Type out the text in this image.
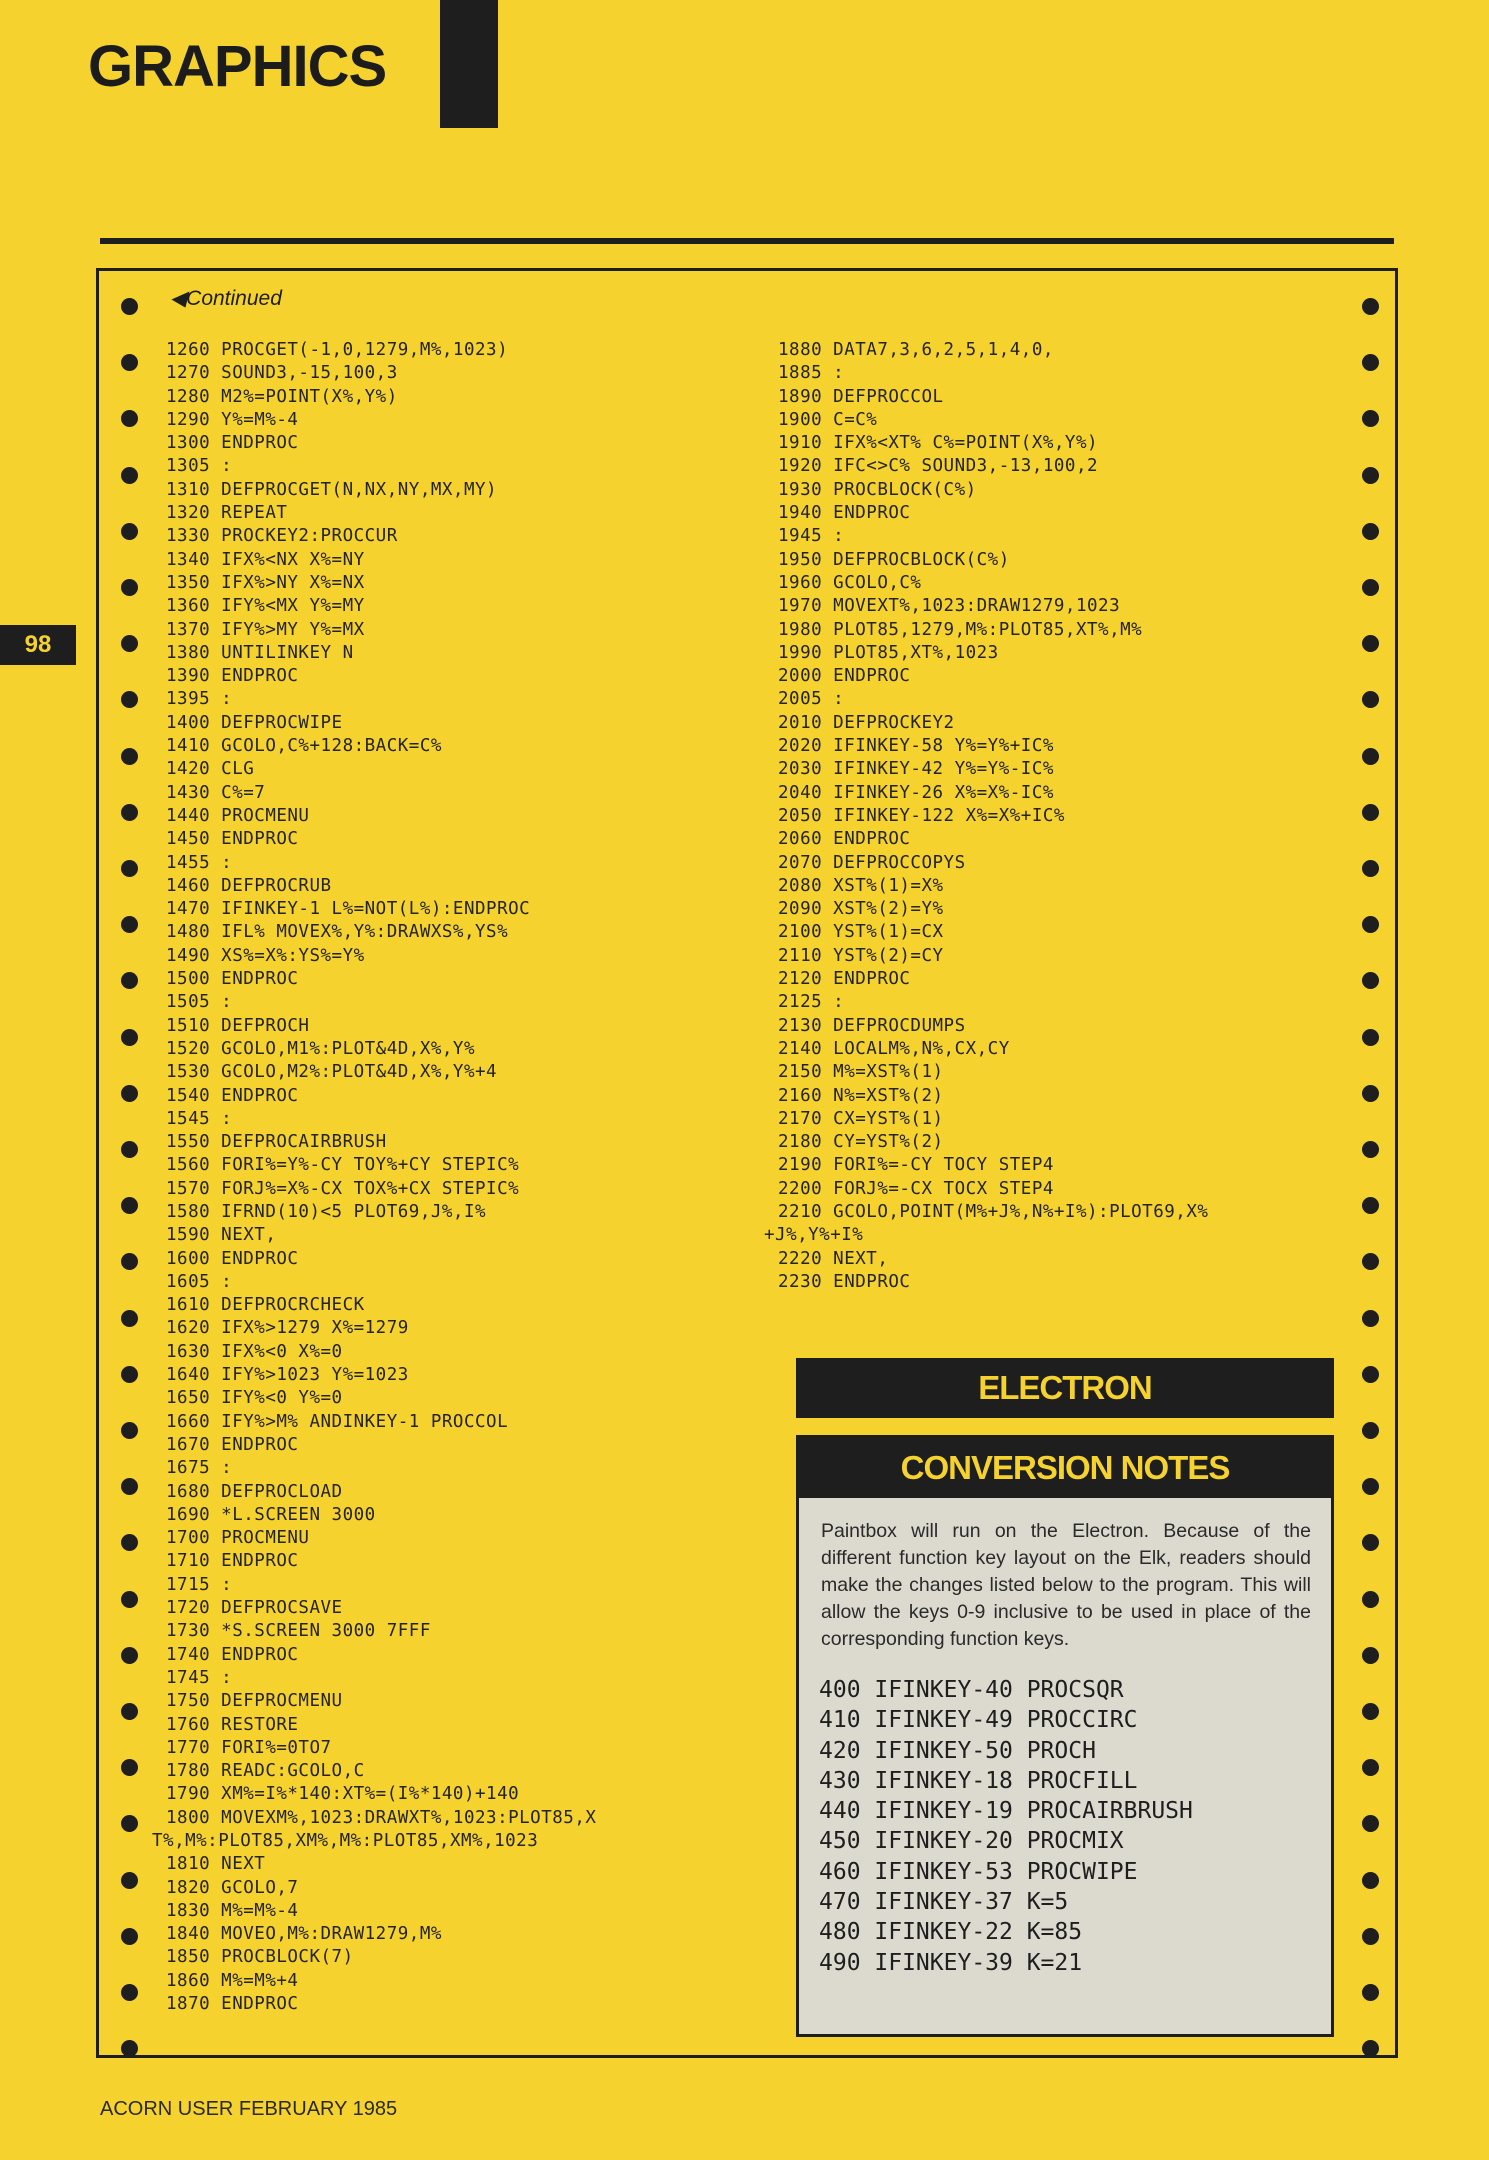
GRAPHICS
98
◀Continued
1260 PROCGET(-1,0,1279,M%,1023)
1270 SOUND3,-15,100,3
1280 M2%=POINT(X%,Y%)
1290 Y%=M%-4
1300 ENDPROC
1305 :
1310 DEFPROCGET(N,NX,NY,MX,MY)
1320 REPEAT
1330 PROCKEY2:PROCCUR
1340 IFX%<NX X%=NY
1350 IFX%>NY X%=NX
1360 IFY%<MX Y%=MY
1370 IFY%>MY Y%=MX
1380 UNTILINKEY N
1390 ENDPROC
1395 :
1400 DEFPROCWIPE
1410 GCOLO,C%+128:BACK=C%
1420 CLG
1430 C%=7
1440 PROCMENU
1450 ENDPROC
1455 :
1460 DEFPROCRUB
1470 IFINKEY-1 L%=NOT(L%):ENDPROC
1480 IFL% MOVEX%,Y%:DRAWXS%,YS%
1490 XS%=X%:YS%=Y%
1500 ENDPROC
1505 :
1510 DEFPROCH
1520 GCOLO,M1%:PLOT&4D,X%,Y%
1530 GCOLO,M2%:PLOT&4D,X%,Y%+4
1540 ENDPROC
1545 :
1550 DEFPROCAIRBRUSH
1560 FORI%=Y%-CY TOY%+CY STEPIC%
1570 FORJ%=X%-CX TOX%+CX STEPIC%
1580 IFRND(10)<5 PLOT69,J%,I%
1590 NEXT,
1600 ENDPROC
1605 :
1610 DEFPROCRCHECK
1620 IFX%>1279 X%=1279
1630 IFX%<0 X%=0
1640 IFY%>1023 Y%=1023
1650 IFY%<0 Y%=0
1660 IFY%>M% ANDINKEY-1 PROCCOL
1670 ENDPROC
1675 :
1680 DEFPROCLOAD
1690 *L.SCREEN 3000
1700 PROCMENU
1710 ENDPROC
1715 :
1720 DEFPROCSAVE
1730 *S.SCREEN 3000 7FFF
1740 ENDPROC
1745 :
1750 DEFPROCMENU
1760 RESTORE
1770 FORI%=0TO7
1780 READC:GCOLO,C
1790 XM%=I%*140:XT%=(I%*140)+140
1800 MOVEXM%,1023:DRAWXT%,1023:PLOT85,X
T%,M%:PLOT85,XM%,M%:PLOT85,XM%,1023
1810 NEXT
1820 GCOLO,7
1830 M%=M%-4
1840 MOVEO,M%:DRAW1279,M%
1850 PROCBLOCK(7)
1860 M%=M%+4
1870 ENDPROC
1880 DATA7,3,6,2,5,1,4,0,
1885 :
1890 DEFPROCCOL
1900 C=C%
1910 IFX%<XT% C%=POINT(X%,Y%)
1920 IFC<>C% SOUND3,-13,100,2
1930 PROCBLOCK(C%)
1940 ENDPROC
1945 :
1950 DEFPROCBLOCK(C%)
1960 GCOLO,C%
1970 MOVEXT%,1023:DRAW1279,1023
1980 PLOT85,1279,M%:PLOT85,XT%,M%
1990 PLOT85,XT%,1023
2000 ENDPROC
2005 :
2010 DEFPROCKEY2
2020 IFINKEY-58 Y%=Y%+IC%
2030 IFINKEY-42 Y%=Y%-IC%
2040 IFINKEY-26 X%=X%-IC%
2050 IFINKEY-122 X%=X%+IC%
2060 ENDPROC
2070 DEFPROCCOPYS
2080 XST%(1)=X%
2090 XST%(2)=Y%
2100 YST%(1)=CX
2110 YST%(2)=CY
2120 ENDPROC
2125 :
2130 DEFPROCDUMPS
2140 LOCALM%,N%,CX,CY
2150 M%=XST%(1)
2160 N%=XST%(2)
2170 CX=YST%(1)
2180 CY=YST%(2)
2190 FORI%=-CY TOCY STEP4
2200 FORJ%=-CX TOCX STEP4
2210 GCOLO,POINT(M%+J%,N%+I%):PLOT69,X%
+J%,Y%+I%
2220 NEXT,
2230 ENDPROC
ELECTRON
CONVERSION NOTES
Paintbox will run on the Electron. Because of the different function key layout on the Elk, readers should make the changes listed below to the program. This will allow the keys 0-9 inclusive to be used in place of the corresponding function keys.
400 IFINKEY-40 PROCSQR
410 IFINKEY-49 PROCCIRC
420 IFINKEY-50 PROCH
430 IFINKEY-18 PROCFILL
440 IFINKEY-19 PROCAIRBRUSH
450 IFINKEY-20 PROCMIX
460 IFINKEY-53 PROCWIPE
470 IFINKEY-37 K=5
480 IFINKEY-22 K=85
490 IFINKEY-39 K=21
ACORN USER FEBRUARY 1985
